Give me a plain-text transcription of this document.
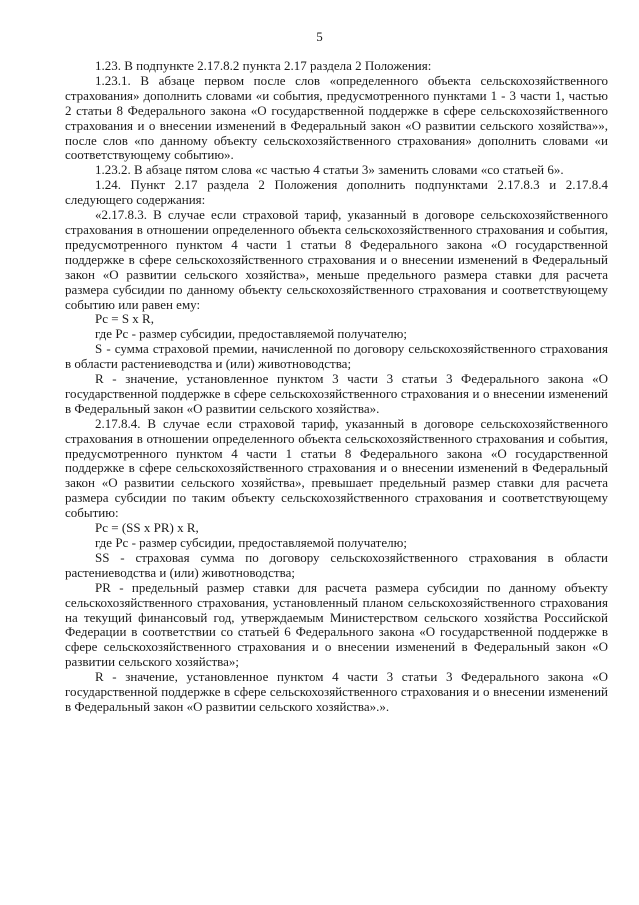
5

1.23. В подпункте 2.17.8.2 пункта 2.17 раздела 2 Положения:

1.23.1. В абзаце первом после слов «определенного объекта сельскохозяйственного страхования» дополнить словами «и события, предусмотренного пунктами 1 - 3 части 1, частью 2 статьи 8 Федерального закона «О государственной поддержке в сфере сельскохозяйственного страхования и о внесении изменений в Федеральный закон «О развитии сельского хозяйства»», после слов «по данному объекту сельскохозяйственного страхования» дополнить словами «и соответствующему событию».

1.23.2. В абзаце пятом слова «с частью 4 статьи 3» заменить словами «со статьей 6».

1.24. Пункт 2.17 раздела 2 Положения дополнить подпунктами 2.17.8.3 и 2.17.8.4 следующего содержания:

«2.17.8.3. В случае если страховой тариф, указанный в договоре сельскохозяйственного страхования в отношении определенного объекта сельскохозяйственного страхования и события, предусмотренного пунктом 4 части 1 статьи 8 Федерального закона «О государственной поддержке в сфере сельскохозяйственного страхования и о внесении изменений в Федеральный закон «О развитии сельского хозяйства», меньше предельного размера ставки для расчета размера субсидии по данному объекту сельскохозяйственного страхования и соответствующему событию или равен ему:

Рс = S x R,

где Рс - размер субсидии, предоставляемой получателю;

S - сумма страховой премии, начисленной по договору сельскохозяйственного страхования в области растениеводства и (или) животноводства;

R - значение, установленное пунктом 3 части 3 статьи 3 Федерального закона «О государственной поддержке в сфере сельскохозяйственного страхования и о внесении изменений в Федеральный закон «О развитии сельского хозяйства».

2.17.8.4. В случае если страховой тариф, указанный в договоре сельскохозяйственного страхования в отношении определенного объекта сельскохозяйственного страхования и события, предусмотренного пунктом 4 части 1 статьи 8 Федерального закона «О государственной поддержке в сфере сельскохозяйственного страхования и о внесении изменений в Федеральный закон «О развитии сельского хозяйства», превышает предельный размер ставки для расчета размера субсидии по таким объекту сельскохозяйственного страхования и соответствующему событию:

Рс = (SS x PR) x R,

где Рс - размер субсидии, предоставляемой получателю;

SS - страховая сумма по договору сельскохозяйственного страхования в области растениеводства и (или) животноводства;

PR - предельный размер ставки для расчета размера субсидии по данному объекту сельскохозяйственного страхования, установленный планом сельскохозяйственного страхования на текущий финансовый год, утверждаемым Министерством сельского хозяйства Российской Федерации в соответствии со статьей 6 Федерального закона «О государственной поддержке в сфере сельскохозяйственного страхования и о внесении изменений в Федеральный закон «О развитии сельского хозяйства»;

R - значение, установленное пунктом 4 части 3 статьи 3 Федерального закона «О государственной поддержке в сфере сельскохозяйственного страхования и о внесении изменений в Федеральный закон «О развитии сельского хозяйства».».
